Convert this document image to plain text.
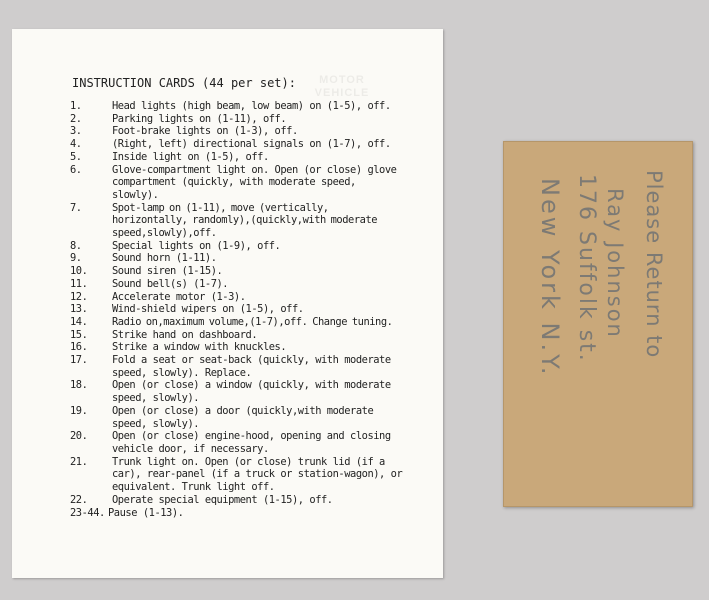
MOTOR VEHICLE
INSTRUCTION CARDS (44 per set):
1.	Head lights (high beam, low beam) on (1-5), off.
2.	Parking lights on (1-11), off.
3.	Foot-brake lights on (1-3), off.
4.	(Right, left) directional signals on (1-7), off.
5.	Inside light on (1-5), off.
6.	Glove-compartment light on. Open (or close) glove compartment (quickly, with moderate speed, slowly).
7.	Spot-lamp on (1-11), move (vertically, horizontally, randomly),(quickly,with moderate speed,slowly),off.
8.	Special lights on (1-9), off.
9.	Sound horn (1-11).
10.	Sound siren (1-15).
11.	Sound bell(s) (1-7).
12.	Accelerate motor (1-3).
13.	Wind-shield wipers on (1-5), off.
14.	Radio on,maximum volume,(1-7),off. Change tuning.
15.	Strike hand on dashboard.
16.	Strike a window with knuckles.
17.	Fold a seat or seat-back (quickly, with moderate speed, slowly). Replace.
18.	Open (or close) a window (quickly, with moderate speed, slowly).
19.	Open (or close) a door (quickly,with moderate speed, slowly).
20.	Open (or close) engine-hood, opening and closing vehicle door, if necessary.
21.	Trunk light on. Open (or close) trunk lid (if a car), rear-panel (if a truck or station-wagon), or equivalent. Trunk light off.
22.	Operate special equipment (1-15), off.
23-44. Pause (1-13).
Please Return to
Ray Johnson
176 Suffolk st.
New York N.Y.
